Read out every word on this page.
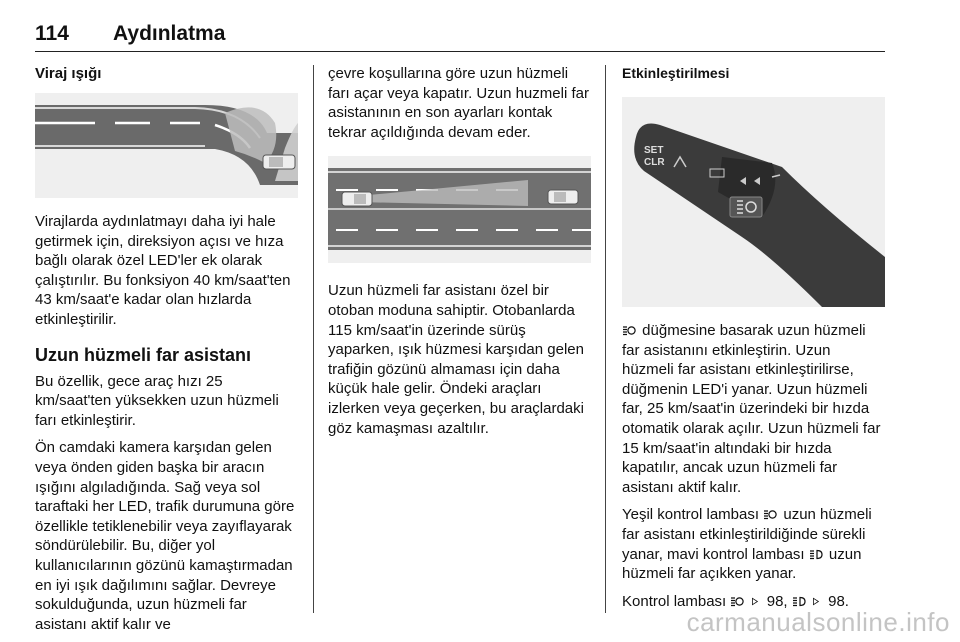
114 Aydınlatma
Viraj ışığı

Virajlarda aydınlatmayı daha iyi hale getirmek için, direksiyon açısı ve hıza bağlı olarak özel LED'ler ek olarak çalıştırılır. Bu fonksiyon 40 km/saat'ten 43 km/saat'e kadar olan hızlarda etkinleştirilir.

Uzun hüzmeli far asistanı

Bu özellik, gece araç hızı 25 km/saat'ten yüksekken uzun hüzmeli farı etkinleştirir.

Ön camdaki kamera karşıdan gelen veya önden giden başka bir aracın ışığını algıladığında. Sağ veya sol taraftaki her LED, trafik durumuna göre özellikle tetiklenebilir veya zayıflayarak söndürülebilir. Bu, diğer yol kullanıcılarının gözünü kamaştırmadan en iyi ışık dağılımını sağlar. Devreye sokulduğunda, uzun hüzmeli far asistanı aktif kalır ve

çevre koşullarına göre uzun hüzmeli farı açar veya kapatır. Uzun huzmeli far asistanının en son ayarları kontak tekrar açıldığında devam eder.

Uzun hüzmeli far asistanı özel bir otoban moduna sahiptir. Otobanlarda 115 km/saat'in üzerinde sürüş yaparken, ışık hüzmesi karşıdan gelen trafiğin gözünü almaması için daha küçük hale gelir. Öndeki araçları izlerken veya geçerken, bu araçlardaki göz kamaşması azaltılır.

Etkinleştirilmesi
SET
CLR

düğmesine basarak uzun hüzmeli far asistanını etkinleştirin. Uzun hüzmeli far asistanı etkinleştirilirse, düğmenin LED'i yanar. Uzun hüzmeli far, 25 km/saat'in üzerindeki bir hızda otomatik olarak açılır. Uzun hüzmeli far 15 km/saat'in altındaki bir hızda kapatılır, ancak uzun hüzmeli far asistanı aktif kalır.

Yeşil kontrol lambası uzun hüzmeli far asistanı etkinleştirildiğinde sürekli yanar, mavi kontrol lambası uzun hüzmeli far açıkken yanar.

Kontrol lambası	98,	98.

carmanualsonline.info
